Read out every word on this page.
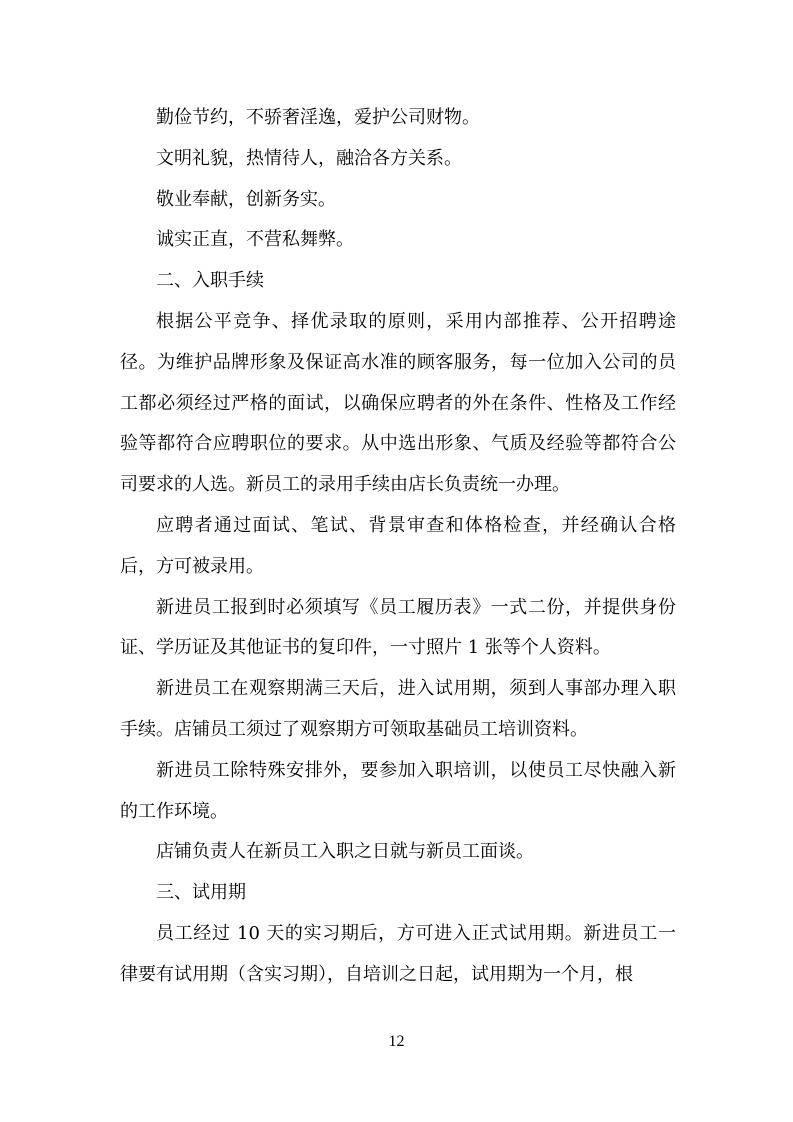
勤俭节约，不骄奢淫逸，爱护公司财物。

文明礼貌，热情待人，融洽各方关系。

敬业奉献，创新务实。

诚实正直，不营私舞弊。

二、入职手续

根据公平竞争、择优录取的原则，采用内部推荐、公开招聘途径。为维护品牌形象及保证高水准的顾客服务，每一位加入公司的员工都必须经过严格的面试，以确保应聘者的外在条件、性格及工作经验等都符合应聘职位的要求。从中选出形象、气质及经验等都符合公司要求的人选。新员工的录用手续由店长负责统一办理。

应聘者通过面试、笔试、背景审查和体格检查，并经确认合格后，方可被录用。

新进员工报到时必须填写《员工履历表》一式二份，并提供身份证、学历证及其他证书的复印件，一寸照片 1 张等个人资料。

新进员工在观察期满三天后，进入试用期，须到人事部办理入职手续。店铺员工须过了观察期方可领取基础员工培训资料。

新进员工除特殊安排外，要参加入职培训，以使员工尽快融入新的工作环境。

店铺负责人在新员工入职之日就与新员工面谈。

三、试用期

员工经过 10 天的实习期后，方可进入正式试用期。新进员工一律要有试用期（含实习期），自培训之日起，试用期为一个月，根

12
